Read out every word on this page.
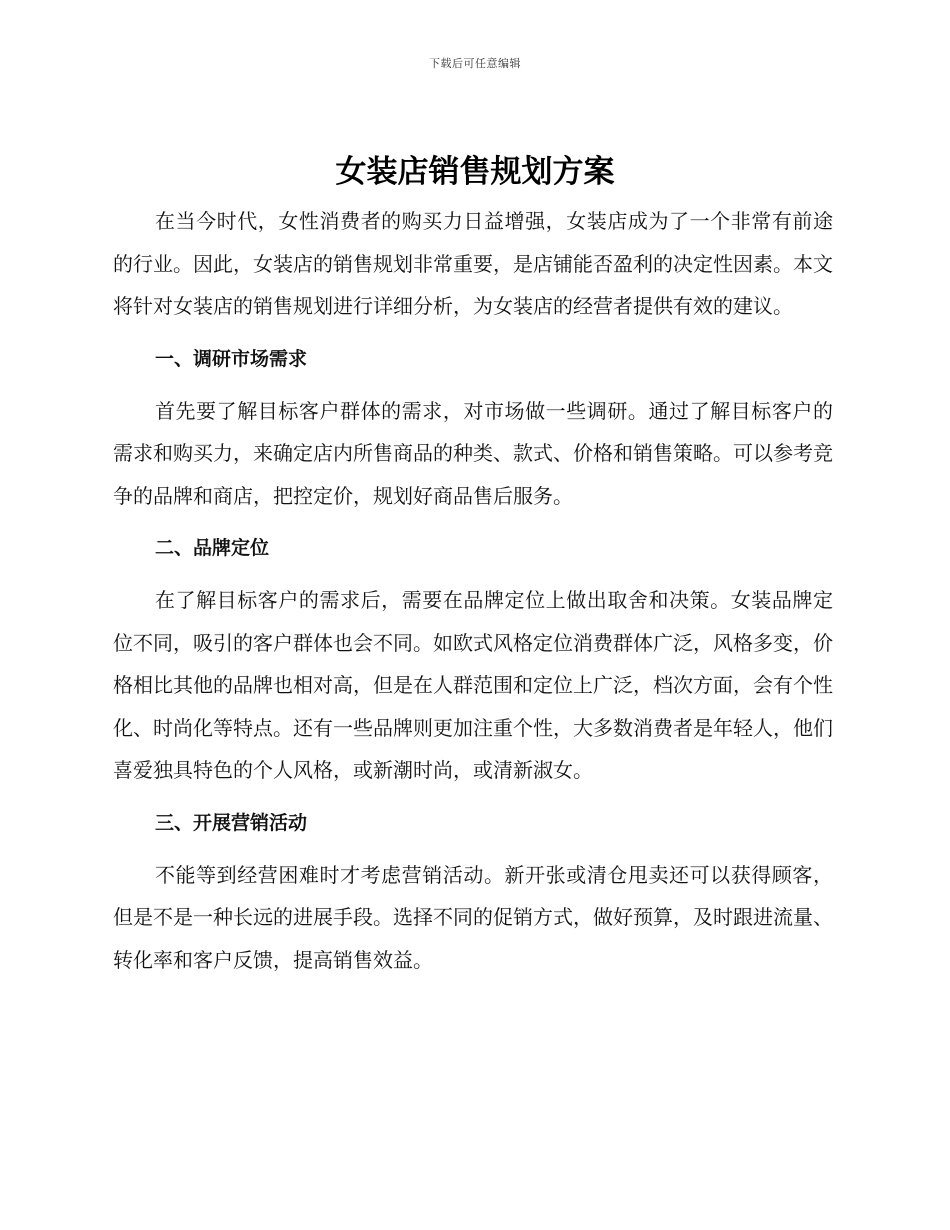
下载后可任意编辑
女装店销售规划方案

在当今时代，女性消费者的购买力日益增强，女装店成为了一个非常有前途的行业。因此，女装店的销售规划非常重要，是店铺能否盈利的决定性因素。本文将针对女装店的销售规划进行详细分析，为女装店的经营者提供有效的建议。

一、调研市场需求

首先要了解目标客户群体的需求，对市场做一些调研。通过了解目标客户的需求和购买力，来确定店内所售商品的种类、款式、价格和销售策略。可以参考竞争的品牌和商店，把控定价，规划好商品售后服务。

二、品牌定位

在了解目标客户的需求后，需要在品牌定位上做出取舍和决策。女装品牌定位不同，吸引的客户群体也会不同。如欧式风格定位消费群体广泛，风格多变，价格相比其他的品牌也相对高，但是在人群范围和定位上广泛，档次方面，会有个性化、时尚化等特点。还有一些品牌则更加注重个性，大多数消费者是年轻人，他们喜爱独具特色的个人风格，或新潮时尚，或清新淑女。

三、开展营销活动

不能等到经营困难时才考虑营销活动。新开张或清仓甩卖还可以获得顾客，但是不是一种长远的进展手段。选择不同的促销方式，做好预算，及时跟进流量、转化率和客户反馈，提高销售效益。
